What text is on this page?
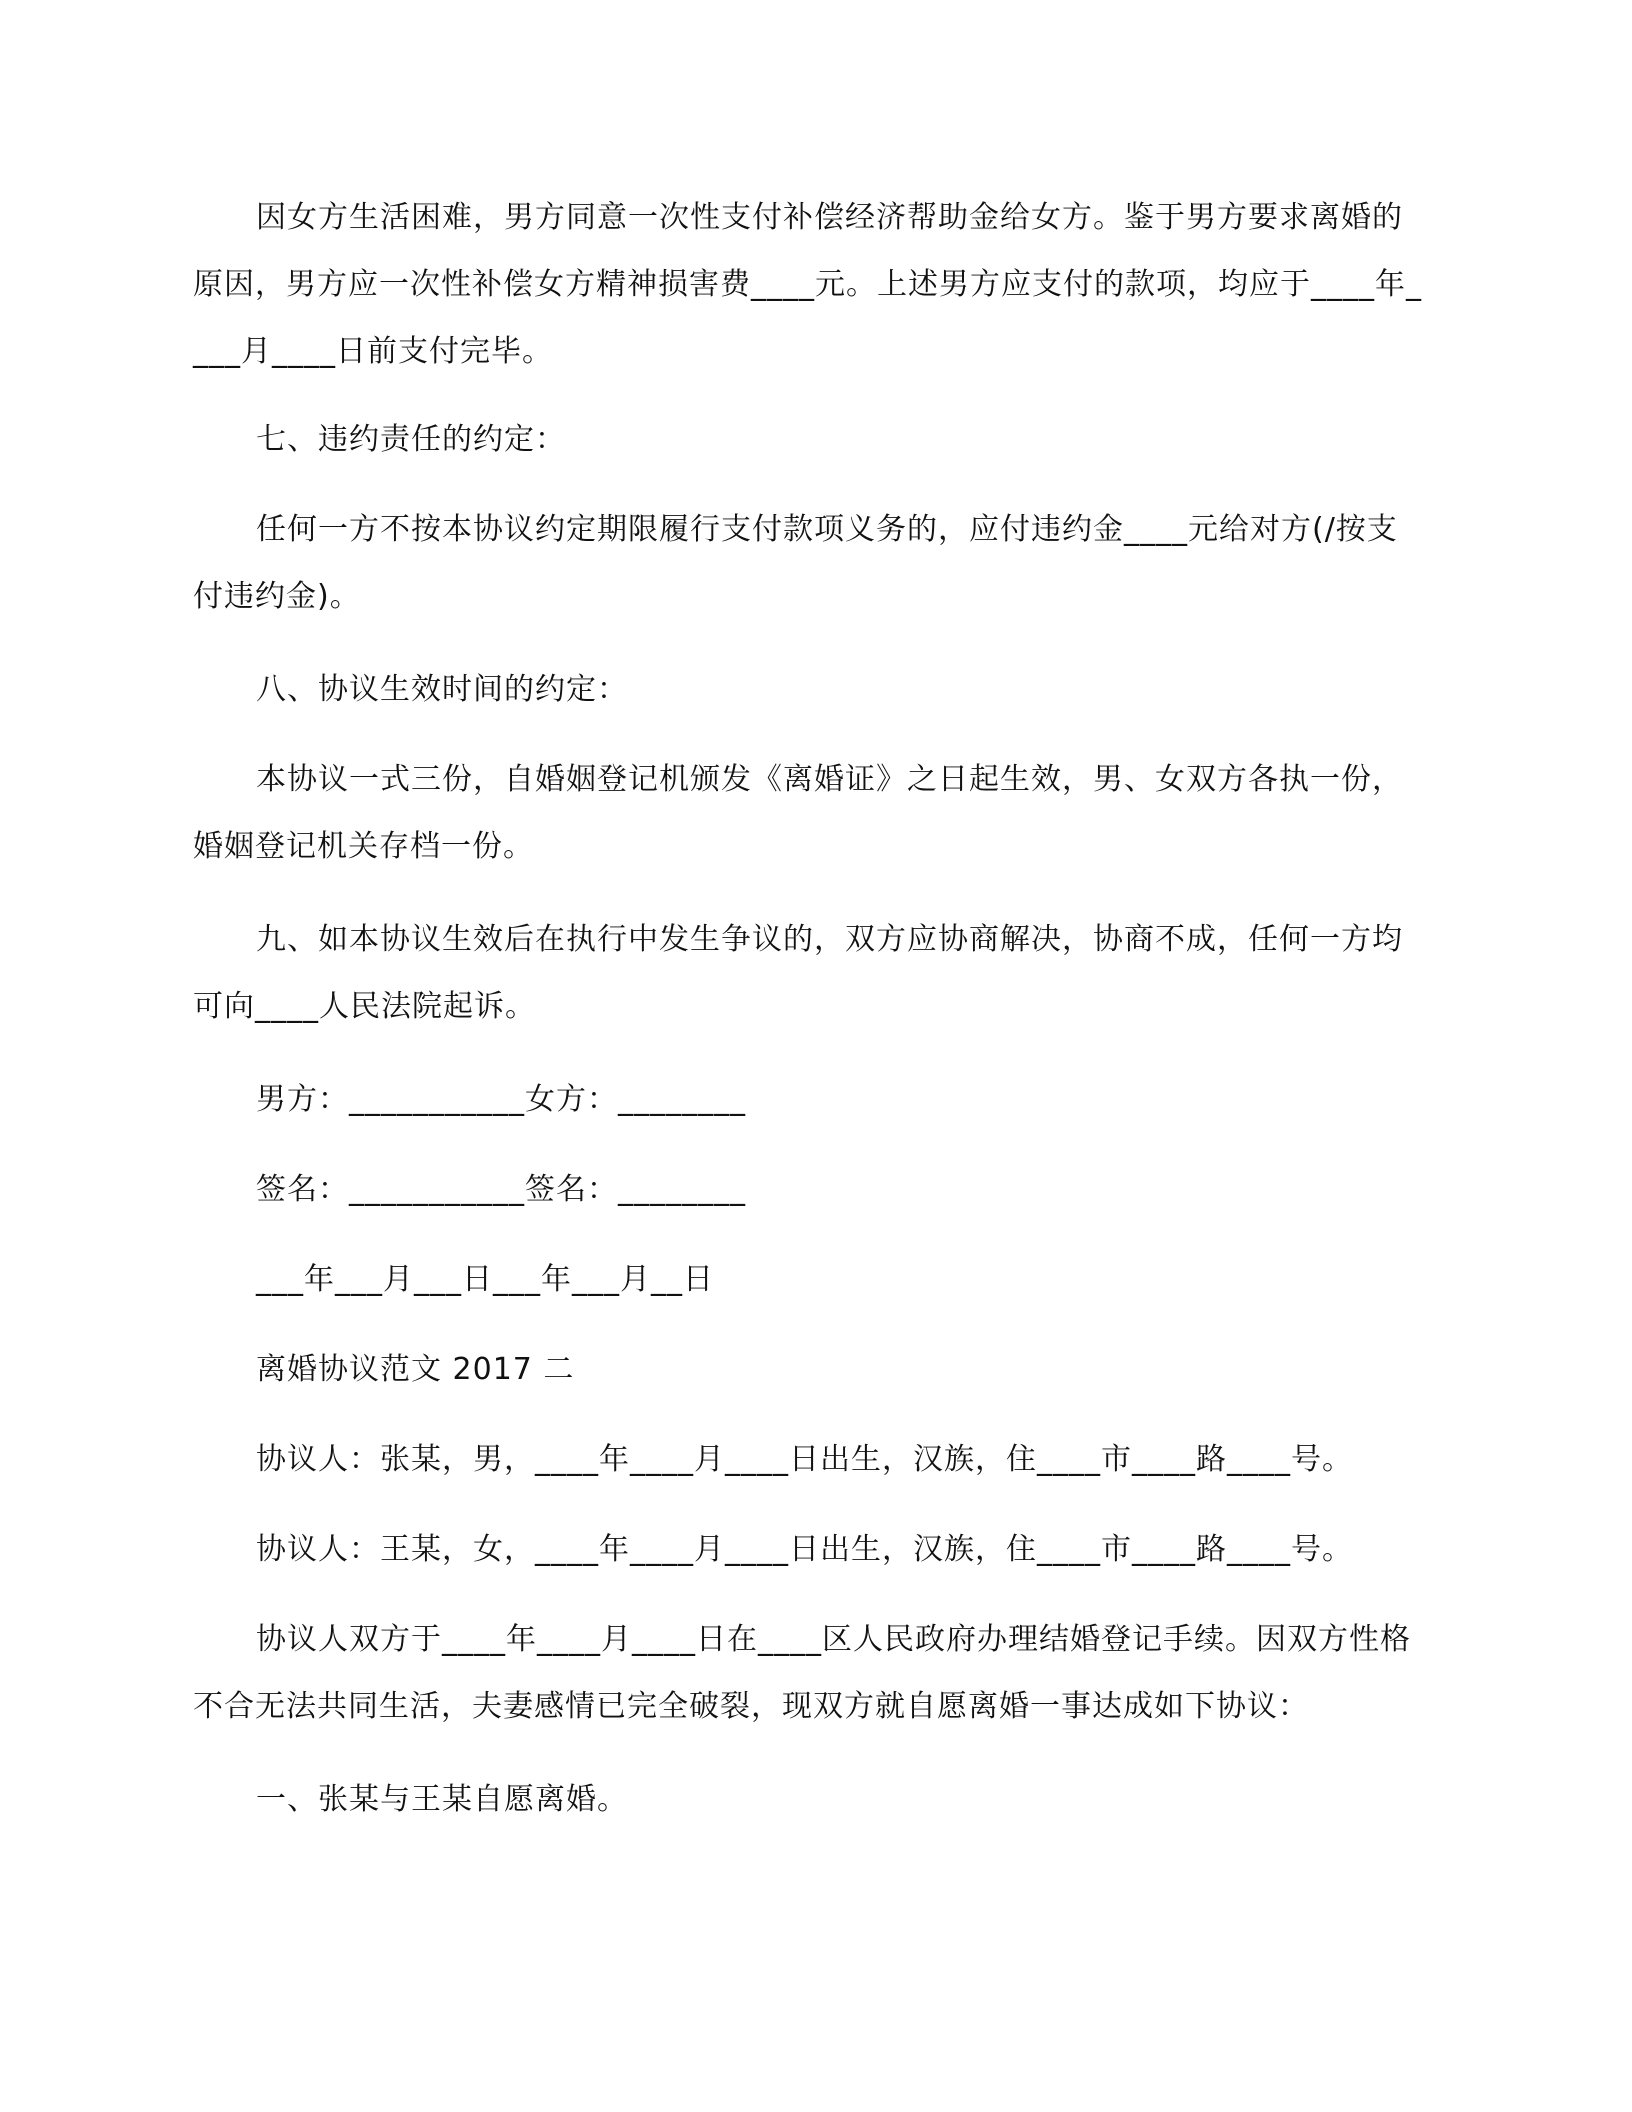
因女方生活困难，男方同意一次性支付补偿经济帮助金给女方。鉴于男方要求离婚的原因，男方应一次性补偿女方精神损害费____元。上述男方应支付的款项，均应于____年____月____日前支付完毕。

七、违约责任的约定：

任何一方不按本协议约定期限履行支付款项义务的，应付违约金____元给对方(/按支付违约金)。

八、协议生效时间的约定：

本协议一式三份，自婚姻登记机颁发《离婚证》之日起生效，男、女双方各执一份，婚姻登记机关存档一份。

九、如本协议生效后在执行中发生争议的，双方应协商解决，协商不成，任何一方均可向____人民法院起诉。

男方：___________女方：________

签名：___________签名：________

___年___月___日___年___月__日

离婚协议范文 2017 二

协议人：张某，男，____年____月____日出生，汉族，住____市____路____号。

协议人：王某，女，____年____月____日出生，汉族，住____市____路____号。

协议人双方于____年____月____日在____区人民政府办理结婚登记手续。因双方性格不合无法共同生活，夫妻感情已完全破裂，现双方就自愿离婚一事达成如下协议：

一、张某与王某自愿离婚。
